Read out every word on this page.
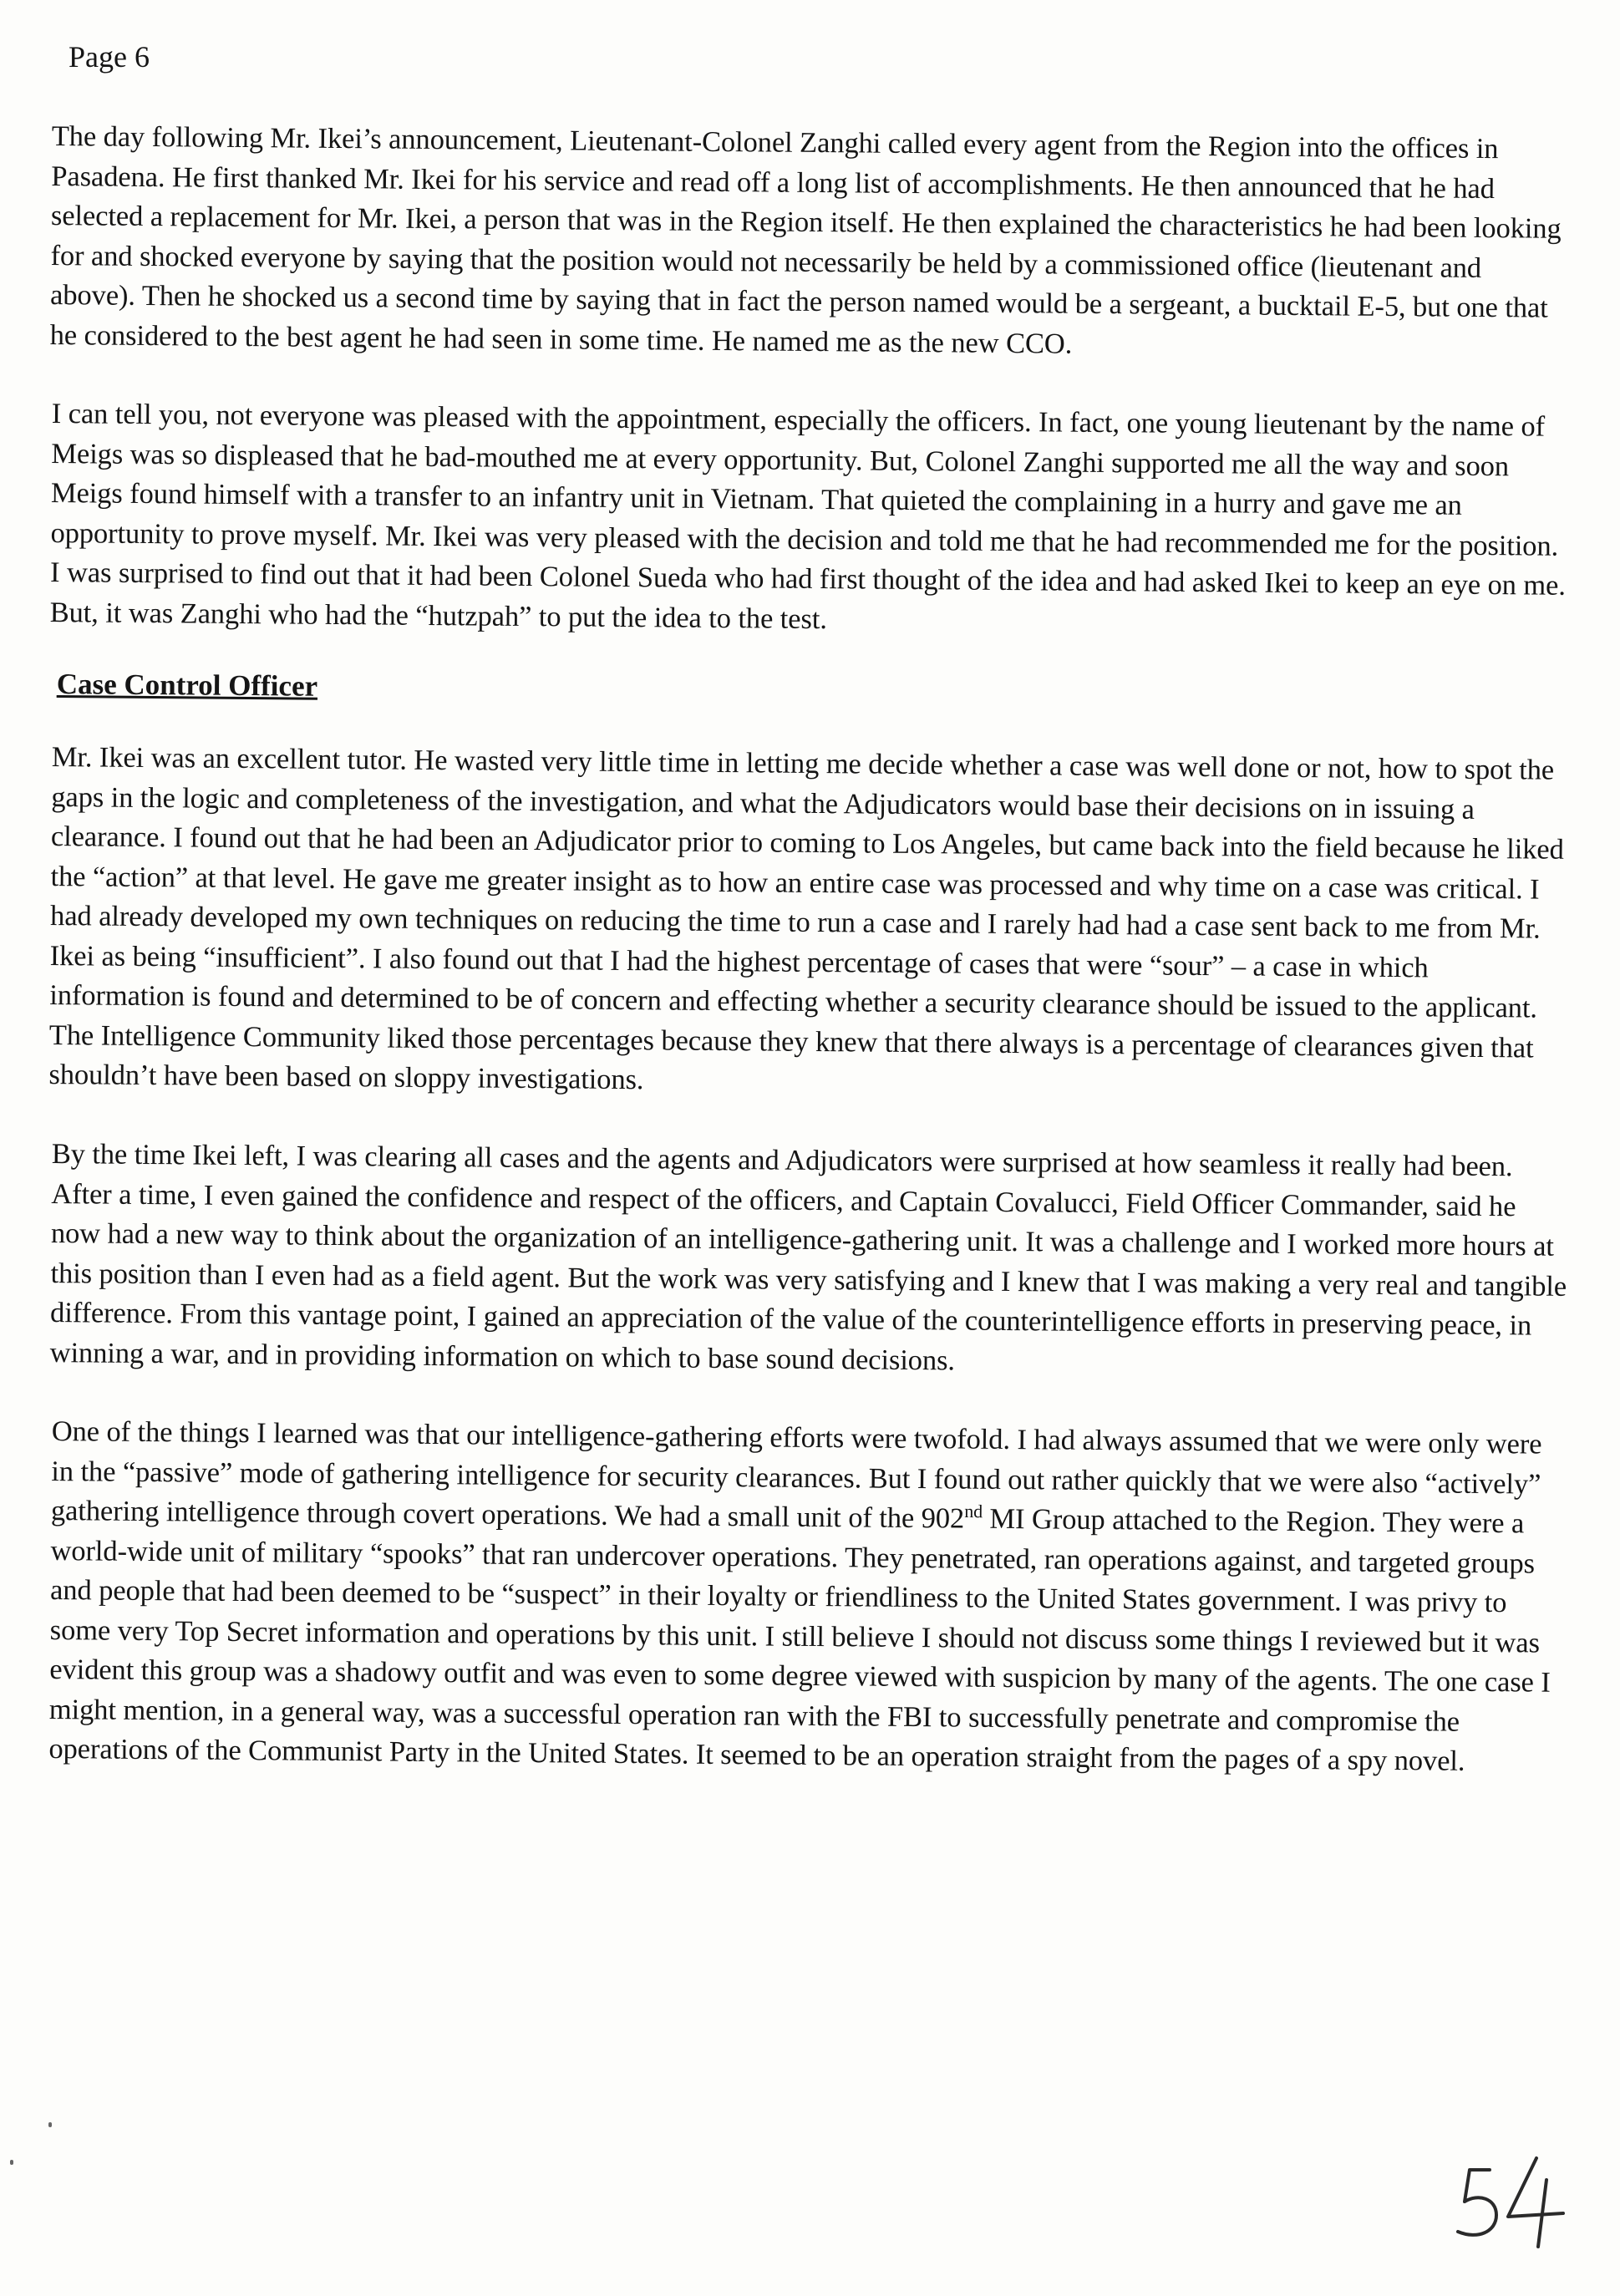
Page 6

The day following Mr. Ikei’s announcement, Lieutenant-Colonel Zanghi called every agent from the Region into the offices in Pasadena. He first thanked Mr. Ikei for his service and read off a long list of accomplishments. He then announced that he had selected a replacement for Mr. Ikei, a person that was in the Region itself. He then explained the characteristics he had been looking for and shocked everyone by saying that the position would not necessarily be held by a commissioned office (lieutenant and above). Then he shocked us a second time by saying that in fact the person named would be a sergeant, a bucktail E-5, but one that he considered to the best agent he had seen in some time. He named me as the new CCO.

I can tell you, not everyone was pleased with the appointment, especially the officers. In fact, one young lieutenant by the name of Meigs was so displeased that he bad-mouthed me at every opportunity. But, Colonel Zanghi supported me all the way and soon Meigs found himself with a transfer to an infantry unit in Vietnam. That quieted the complaining in a hurry and gave me an opportunity to prove myself. Mr. Ikei was very pleased with the decision and told me that he had recommended me for the position. I was surprised to find out that it had been Colonel Sueda who had first thought of the idea and had asked Ikei to keep an eye on me. But, it was Zanghi who had the “hutzpah” to put the idea to the test.

Case Control Officer

Mr. Ikei was an excellent tutor. He wasted very little time in letting me decide whether a case was well done or not, how to spot the gaps in the logic and completeness of the investigation, and what the Adjudicators would base their decisions on in issuing a clearance. I found out that he had been an Adjudicator prior to coming to Los Angeles, but came back into the field because he liked the “action” at that level. He gave me greater insight as to how an entire case was processed and why time on a case was critical. I had already developed my own techniques on reducing the time to run a case and I rarely had had a case sent back to me from Mr. Ikei as being “insufficient”. I also found out that I had the highest percentage of cases that were “sour” – a case in which information is found and determined to be of concern and effecting whether a security clearance should be issued to the applicant. The Intelligence Community liked those percentages because they knew that there always is a percentage of clearances given that shouldn’t have been based on sloppy investigations.

By the time Ikei left, I was clearing all cases and the agents and Adjudicators were surprised at how seamless it really had been. After a time, I even gained the confidence and respect of the officers, and Captain Covalucci, Field Officer Commander, said he now had a new way to think about the organization of an intelligence-gathering unit. It was a challenge and I worked more hours at this position than I even had as a field agent. But the work was very satisfying and I knew that I was making a very real and tangible difference. From this vantage point, I gained an appreciation of the value of the counterintelligence efforts in preserving peace, in winning a war, and in providing information on which to base sound decisions.

One of the things I learned was that our intelligence-gathering efforts were twofold. I had always assumed that we were only were in the “passive” mode of gathering intelligence for security clearances. But I found out rather quickly that we were also “actively” gathering intelligence through covert operations. We had a small unit of the 902nd MI Group attached to the Region. They were a world-wide unit of military “spooks” that ran undercover operations. They penetrated, ran operations against, and targeted groups and people that had been deemed to be “suspect” in their loyalty or friendliness to the United States government. I was privy to some very Top Secret information and operations by this unit. I still believe I should not discuss some things I reviewed but it was evident this group was a shadowy outfit and was even to some degree viewed with suspicion by many of the agents. The one case I might mention, in a general way, was a successful operation ran with the FBI to successfully penetrate and compromise the operations of the Communist Party in the United States. It seemed to be an operation straight from the pages of a spy novel.
